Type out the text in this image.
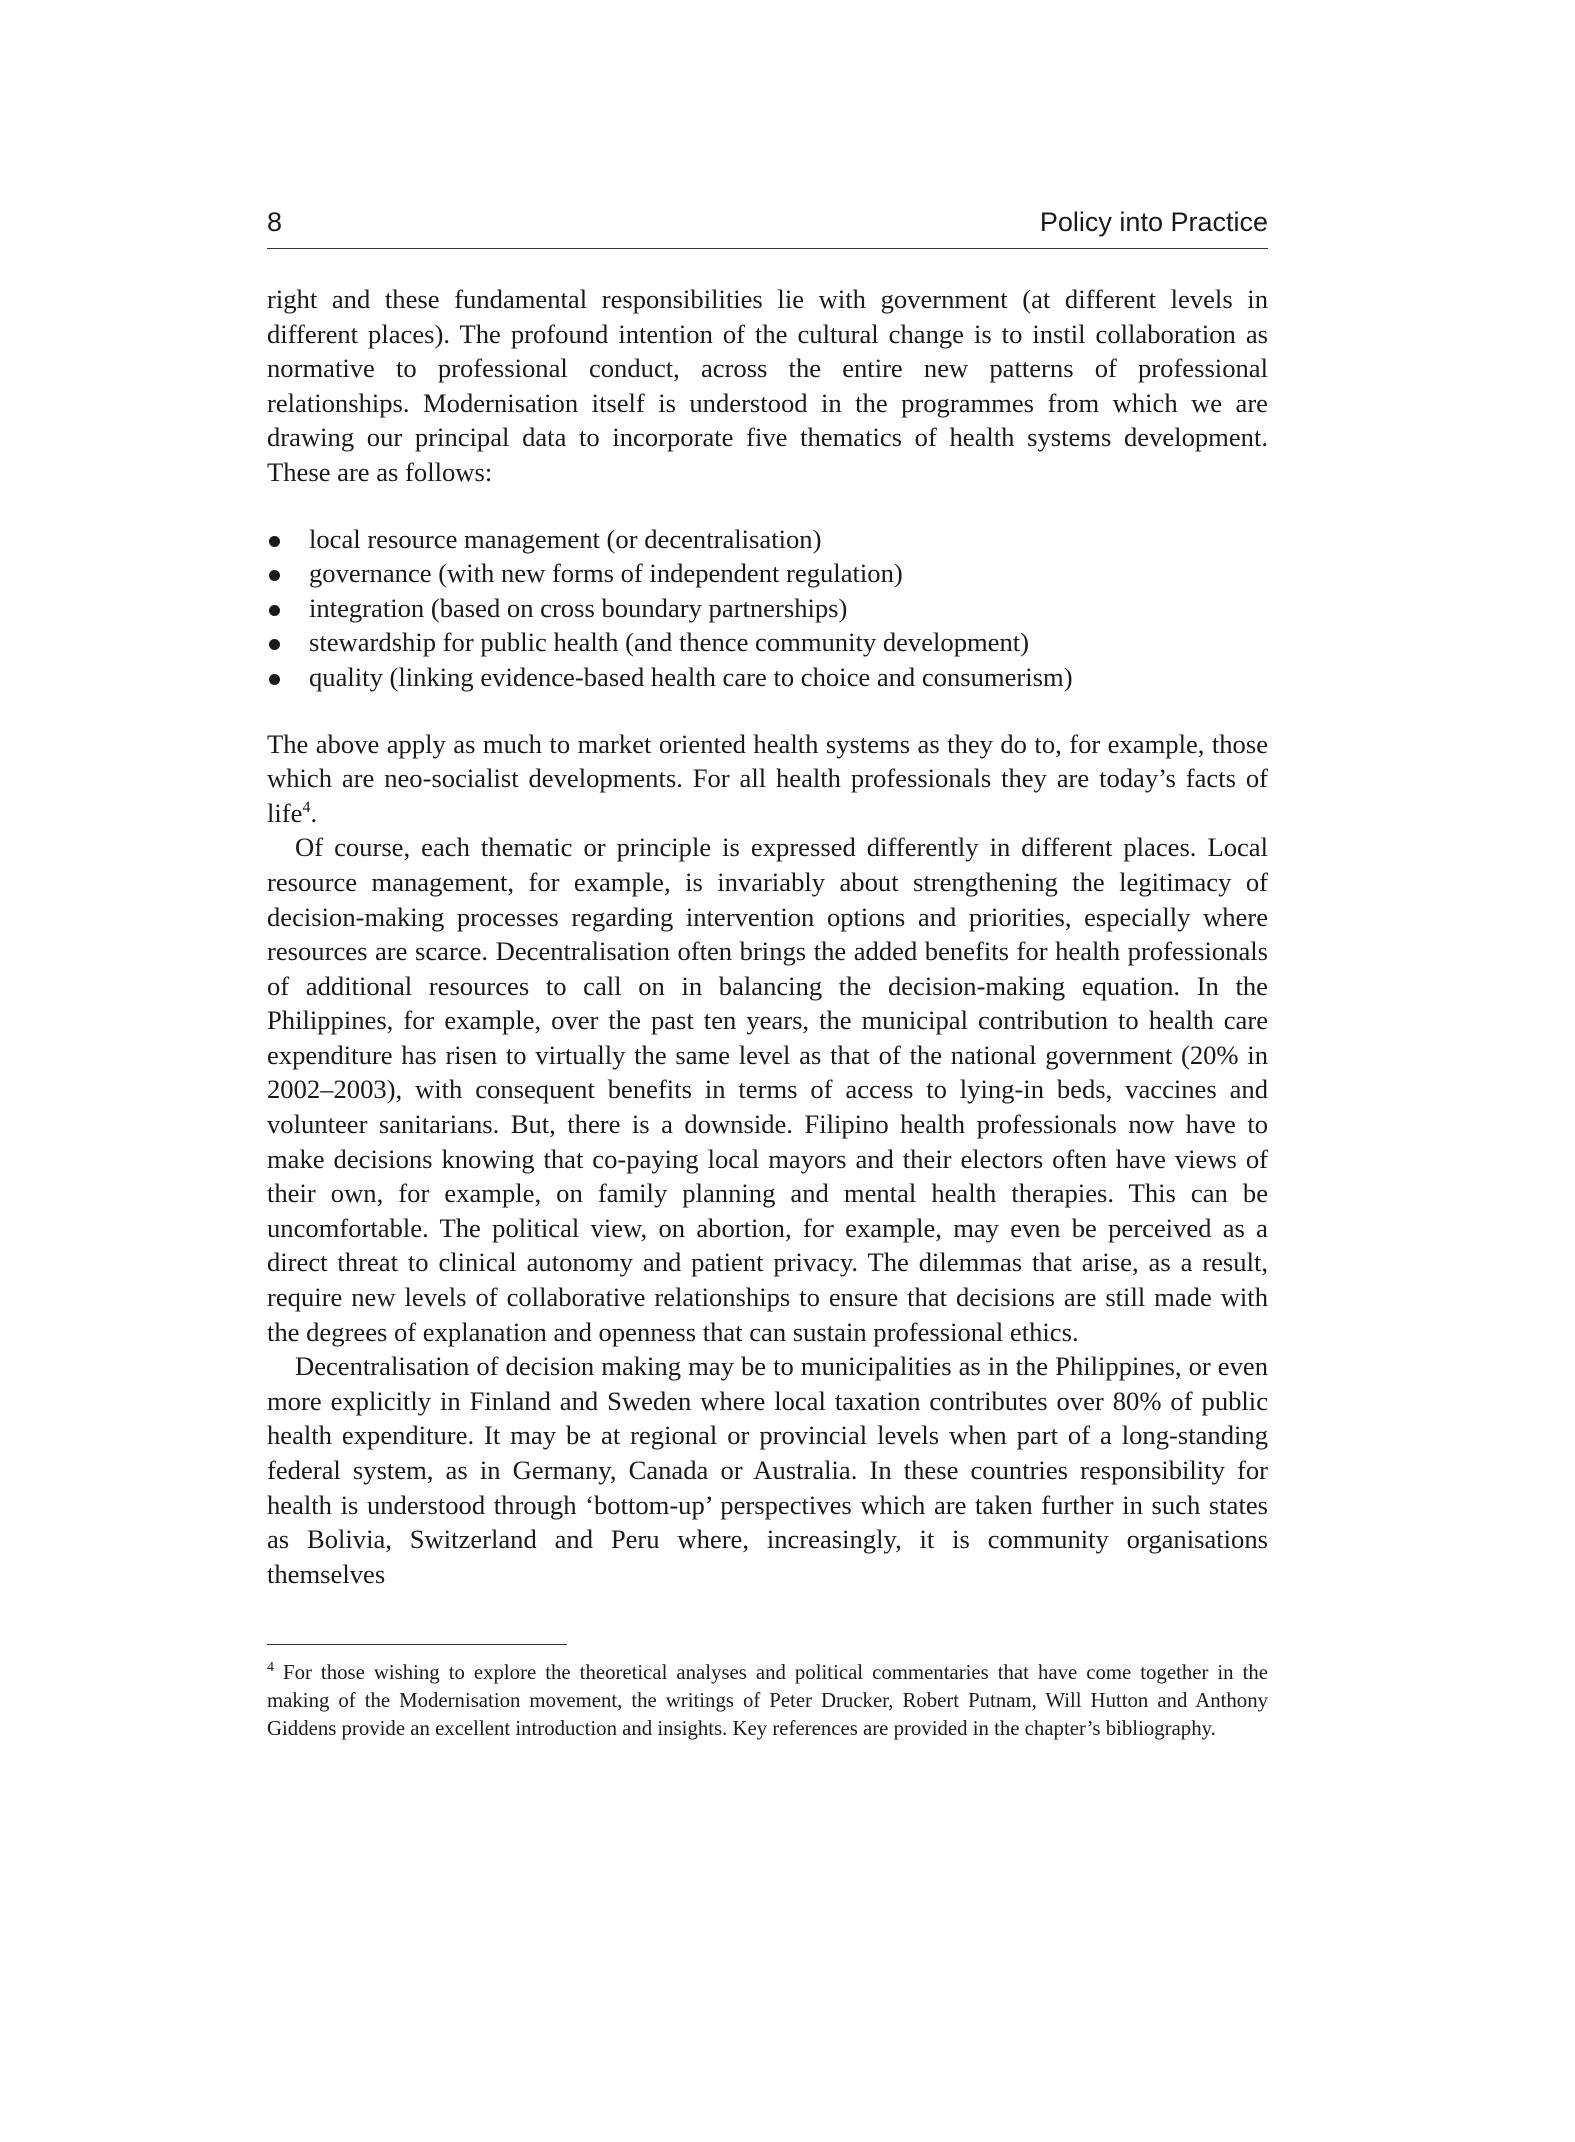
8	Policy into Practice

right and these fundamental responsibilities lie with government (at different levels in different places). The profound intention of the cultural change is to instil collaboration as normative to professional conduct, across the entire new patterns of professional relationships. Modernisation itself is understood in the programmes from which we are drawing our principal data to incorporate five thematics of health systems development. These are as follows:

local resource management (or decentralisation)
governance (with new forms of independent regulation)
integration (based on cross boundary partnerships)
stewardship for public health (and thence community development)
quality (linking evidence-based health care to choice and consumerism)

The above apply as much to market oriented health systems as they do to, for example, those which are neo-socialist developments. For all health professionals they are today’s facts of life$^4$.

Of course, each thematic or principle is expressed differently in different places. Local resource management, for example, is invariably about strengthening the legitimacy of decision-making processes regarding intervention options and priorities, especially where resources are scarce. Decentralisation often brings the added benefits for health professionals of additional resources to call on in balancing the decision-making equation. In the Philippines, for example, over the past ten years, the municipal contribution to health care expenditure has risen to virtually the same level as that of the national government (20% in 2002–2003), with consequent benefits in terms of access to lying-in beds, vaccines and volunteer sanitarians. But, there is a downside. Filipino health professionals now have to make decisions knowing that co-paying local mayors and their electors often have views of their own, for example, on family planning and mental health therapies. This can be uncomfortable. The political view, on abortion, for example, may even be perceived as a direct threat to clinical autonomy and patient privacy. The dilemmas that arise, as a result, require new levels of collaborative relationships to ensure that decisions are still made with the degrees of explanation and openness that can sustain professional ethics.

Decentralisation of decision making may be to municipalities as in the Philippines, or even more explicitly in Finland and Sweden where local taxation contributes over 80% of public health expenditure. It may be at regional or provincial levels when part of a long-standing federal system, as in Germany, Canada or Australia. In these countries responsibility for health is understood through ‘bottom-up’ perspectives which are taken further in such states as Bolivia, Switzerland and Peru where, increasingly, it is community organisations themselves

$^4$ For those wishing to explore the theoretical analyses and political commentaries that have come together in the making of the Modernisation movement, the writings of Peter Drucker, Robert Putnam, Will Hutton and Anthony Giddens provide an excellent introduction and insights. Key references are provided in the chapter’s bibliography.
